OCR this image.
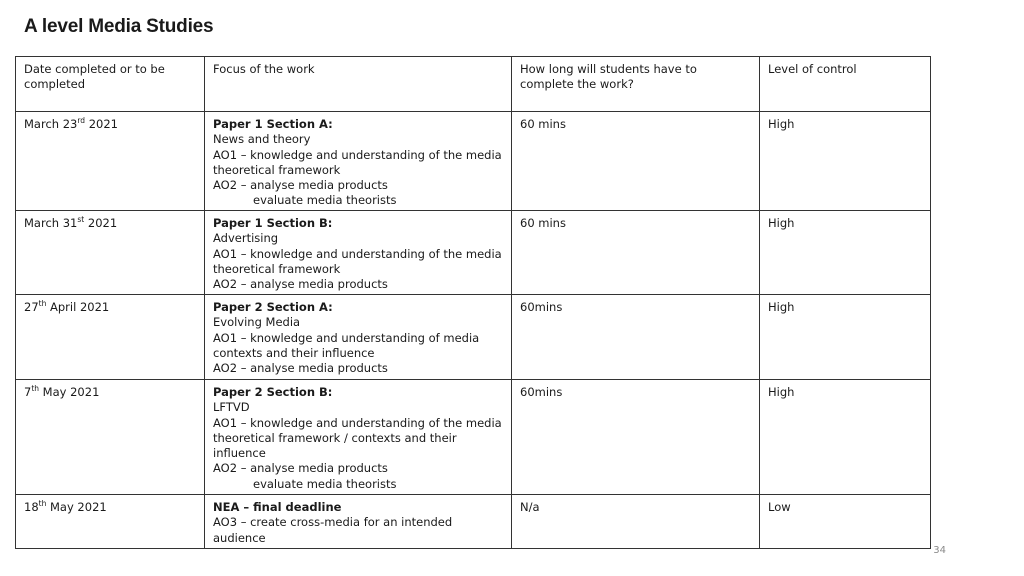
A level Media Studies
Date completed or to be completed	Focus of the work	How long will students have to complete the work?	Level of control
March 23rd 2021	Paper 1 Section A:
News and theory
AO1 – knowledge and understanding of the media theoretical framework
AO2 – analyse media products
evaluate media theorists	60 mins	High
March 31st 2021	Paper 1 Section B:
Advertising
AO1 – knowledge and understanding of the media theoretical framework
AO2 – analyse media products	60 mins	High
27th April 2021	Paper 2 Section A:
Evolving Media
AO1 – knowledge and understanding of media contexts and their influence
AO2 – analyse media products	60mins	High
7th May 2021	Paper 2 Section B:
LFTVD
AO1 – knowledge and understanding of the media theoretical framework / contexts and their influence
AO2 – analyse media products
evaluate media theorists	60mins	High
18th May 2021	NEA – final deadline
AO3 – create cross-media for an intended audience	N/a	Low
34
